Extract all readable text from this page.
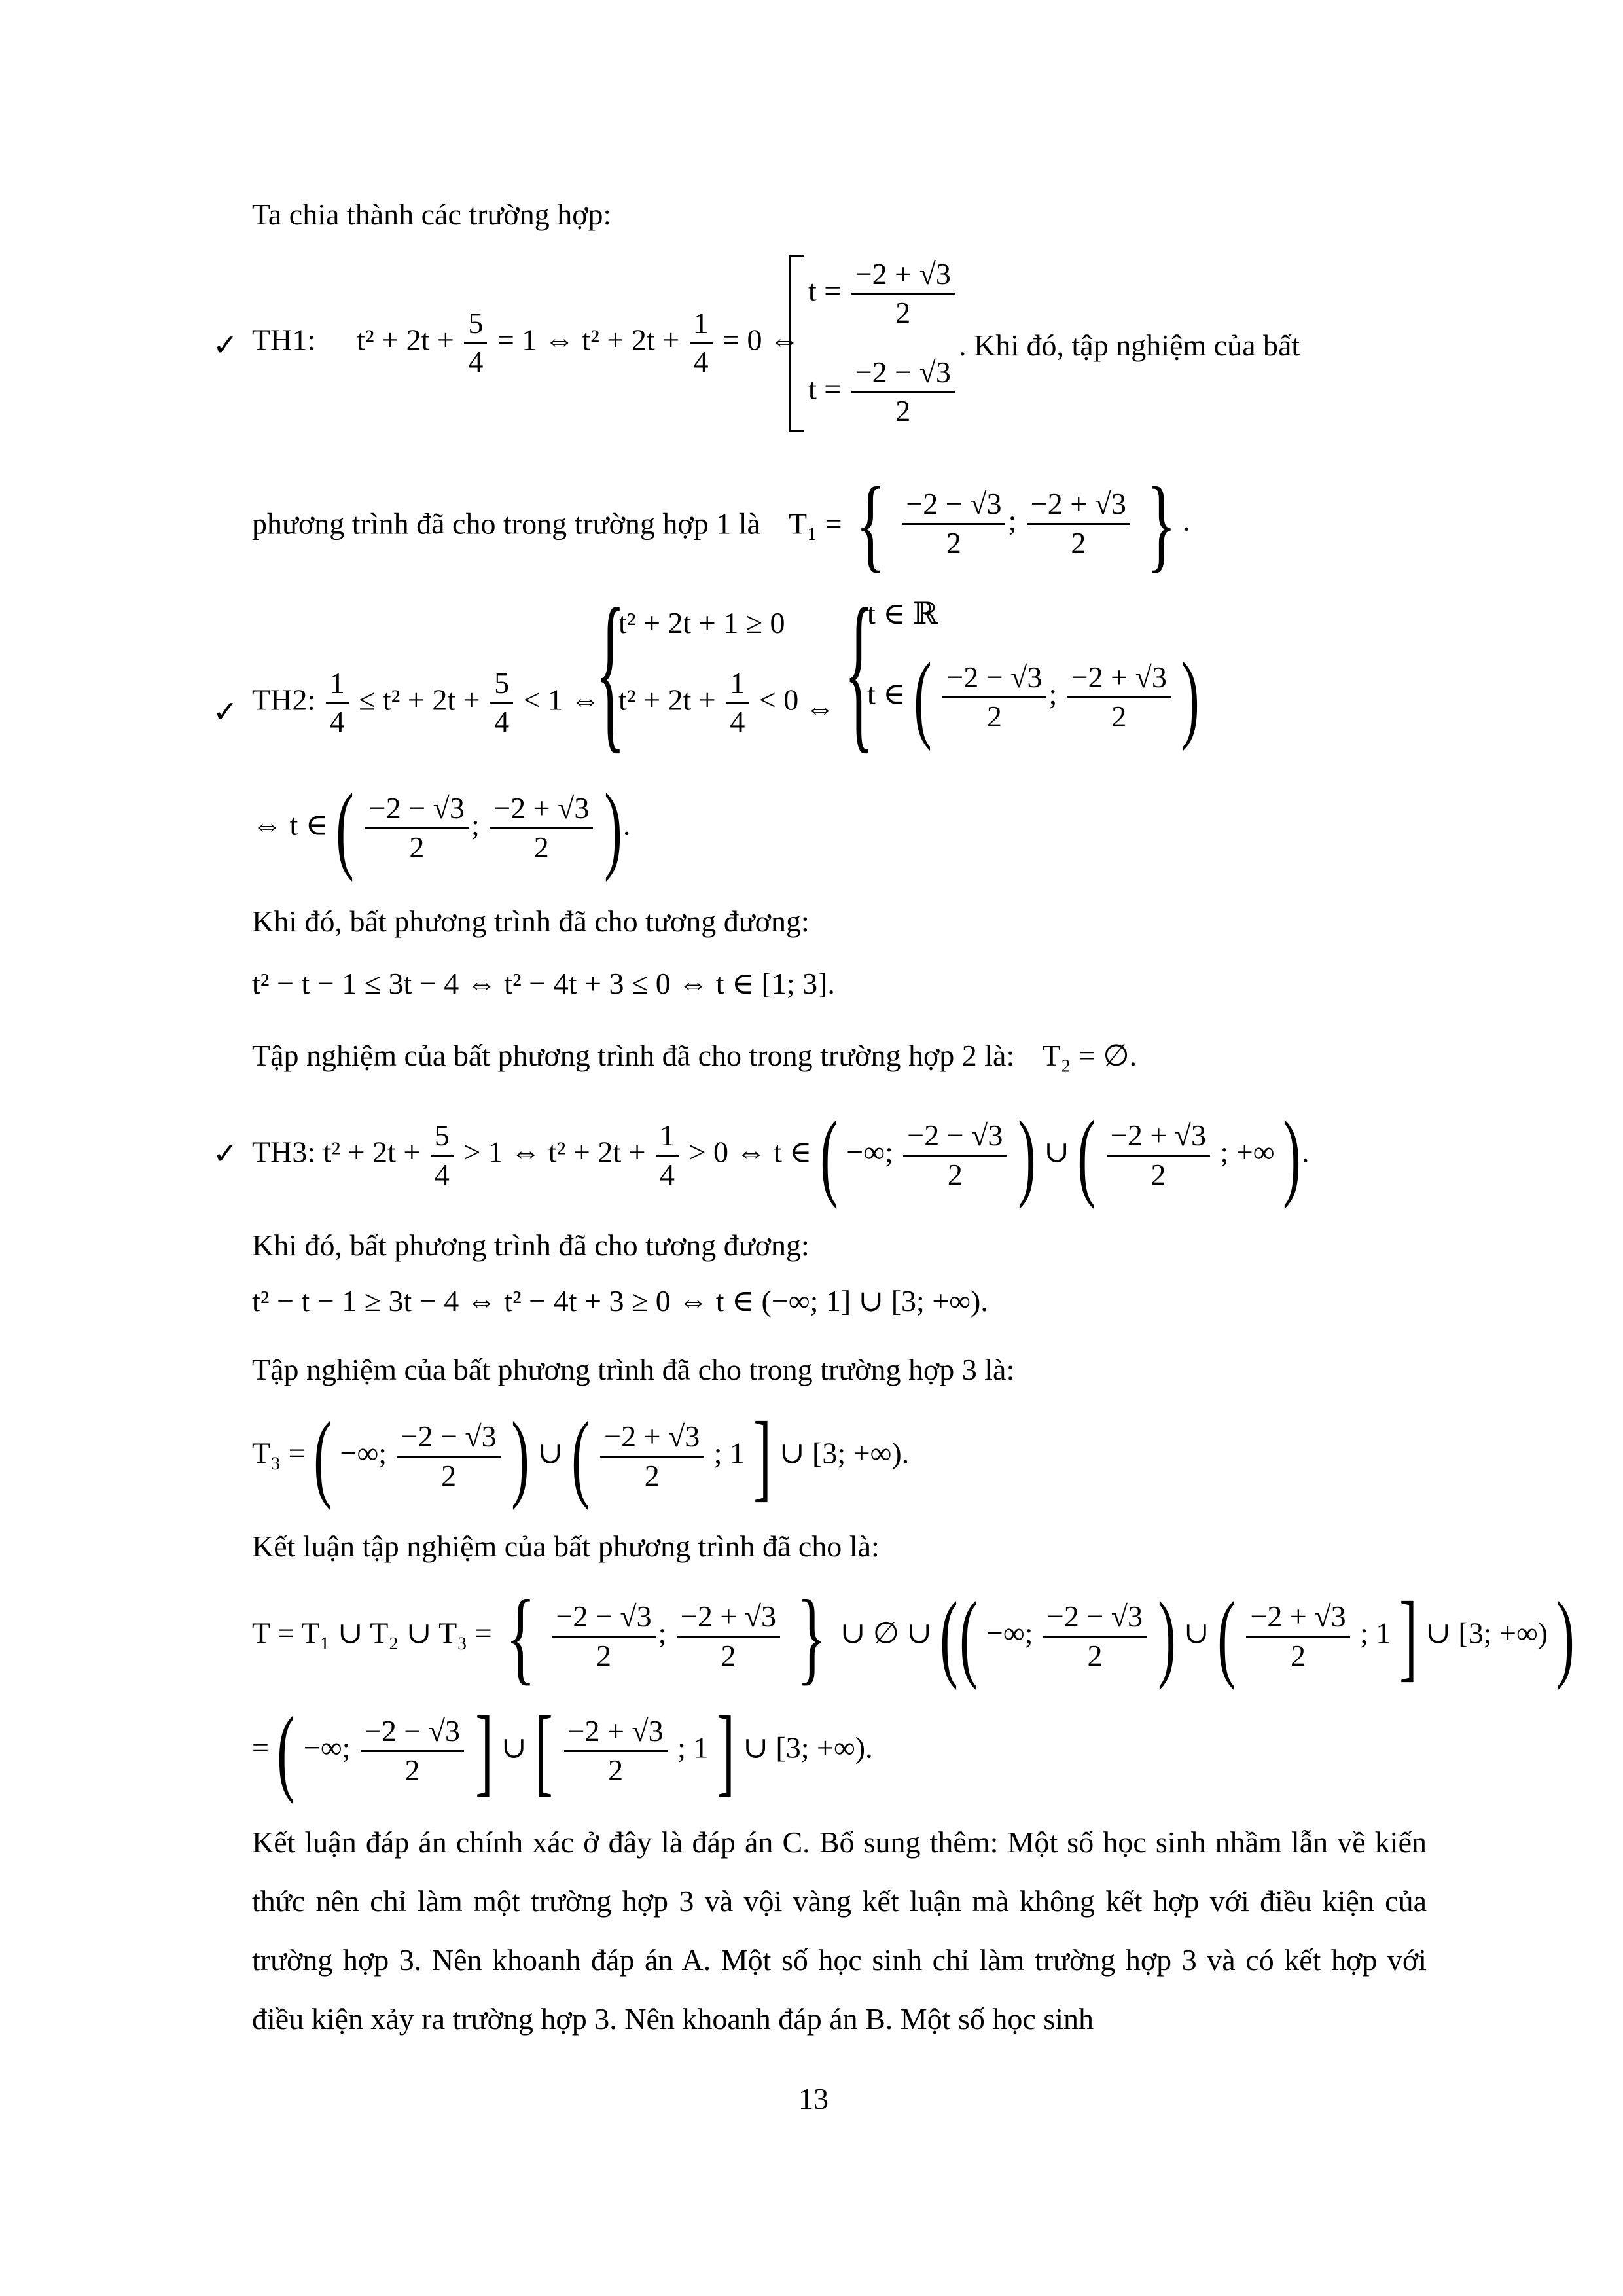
Ta chia thành các trường hợp:
✓ TH1: $t^2 + 2t + \frac{5}{4} = 1$ ⇔ $t^2 + 2t + \frac{1}{4} = 0$ ⇔
$t = \frac{-2 + √3}{2}$
$t = \frac{-2 - √3}{2}$
. Khi đó, tập nghiệm của bất
phương trình đã cho trong trường hợp 1 là T₁ = { $\frac{-2 - √3}{2}$ ; $\frac{-2 + √3}{2}$ } .
✓ TH2: $\frac{1}{4} \le t^2 + 2t + \frac{5}{4} < 1$ ⇔
{
t² + 2t + 1 ≥ 0
$t^2 + 2t + \frac{1}{4} < 0$ ⇔ {
t ∈ ℝ
t ∈ ( $\frac{-2 - √3}{2}$ ; $\frac{-2 + √3}{2}$ )
⇔ t ∈ ( $\frac{-2 - √3}{2}$ ; $\frac{-2 + √3}{2}$ ).
Khi đó, bất phương trình đã cho tương đương:
t² − t − 1 ≤ 3t − 4 ⇔ t² − 4t + 3 ≤ 0 ⇔ t ∈ [1; 3].
Tập nghiệm của bất phương trình đã cho trong trường hợp 2 là: T₂ = ∅.
✓ TH3: $t^2 + 2t + \frac{5}{4} > 1$ ⇔ $t^2 + 2t + \frac{1}{4} > 0$ ⇔ t ∈ ( −∞; $\frac{-2 - √3}{2}$ ) ∪ ( $\frac{-2 + √3}{2}$ ; +∞ ).
Khi đó, bất phương trình đã cho tương đương:
t² − t − 1 ≥ 3t − 4 ⇔ t² − 4t + 3 ≥ 0 ⇔ t ∈ (−∞; 1] ∪ [3; +∞).
Tập nghiệm của bất phương trình đã cho trong trường hợp 3 là:
T₃ = ( −∞; $\frac{-2 - √3}{2}$ ) ∪ ( $\frac{-2 + √3}{2}$ ; 1 ] ∪ [3; +∞).
Kết luận tập nghiệm của bất phương trình đã cho là:
T = T₁ ∪ T₂ ∪ T₃ = { $\frac{-2 - √3}{2}$ ; $\frac{-2 + √3}{2}$ } ∪ ∅ ∪ (( −∞; $\frac{-2 - √3}{2}$ ) ∪ ( $\frac{-2 + √3}{2}$ ; 1 ] ∪ [3; +∞) )
= ( −∞; $\frac{-2 - √3}{2}$ ] ∪ [ $\frac{-2 + √3}{2}$ ; 1 ] ∪ [3; +∞).
Kết luận đáp án chính xác ở đây là đáp án C. Bổ sung thêm: Một số học sinh nhầm lẫn về kiến thức nên chỉ làm một trường hợp 3 và vội vàng kết luận mà không kết hợp với điều kiện của trường hợp 3. Nên khoanh đáp án A. Một số học sinh chỉ làm trường hợp 3 và có kết hợp với điều kiện xảy ra trường hợp 3. Nên khoanh đáp án B. Một số học sinh
13
